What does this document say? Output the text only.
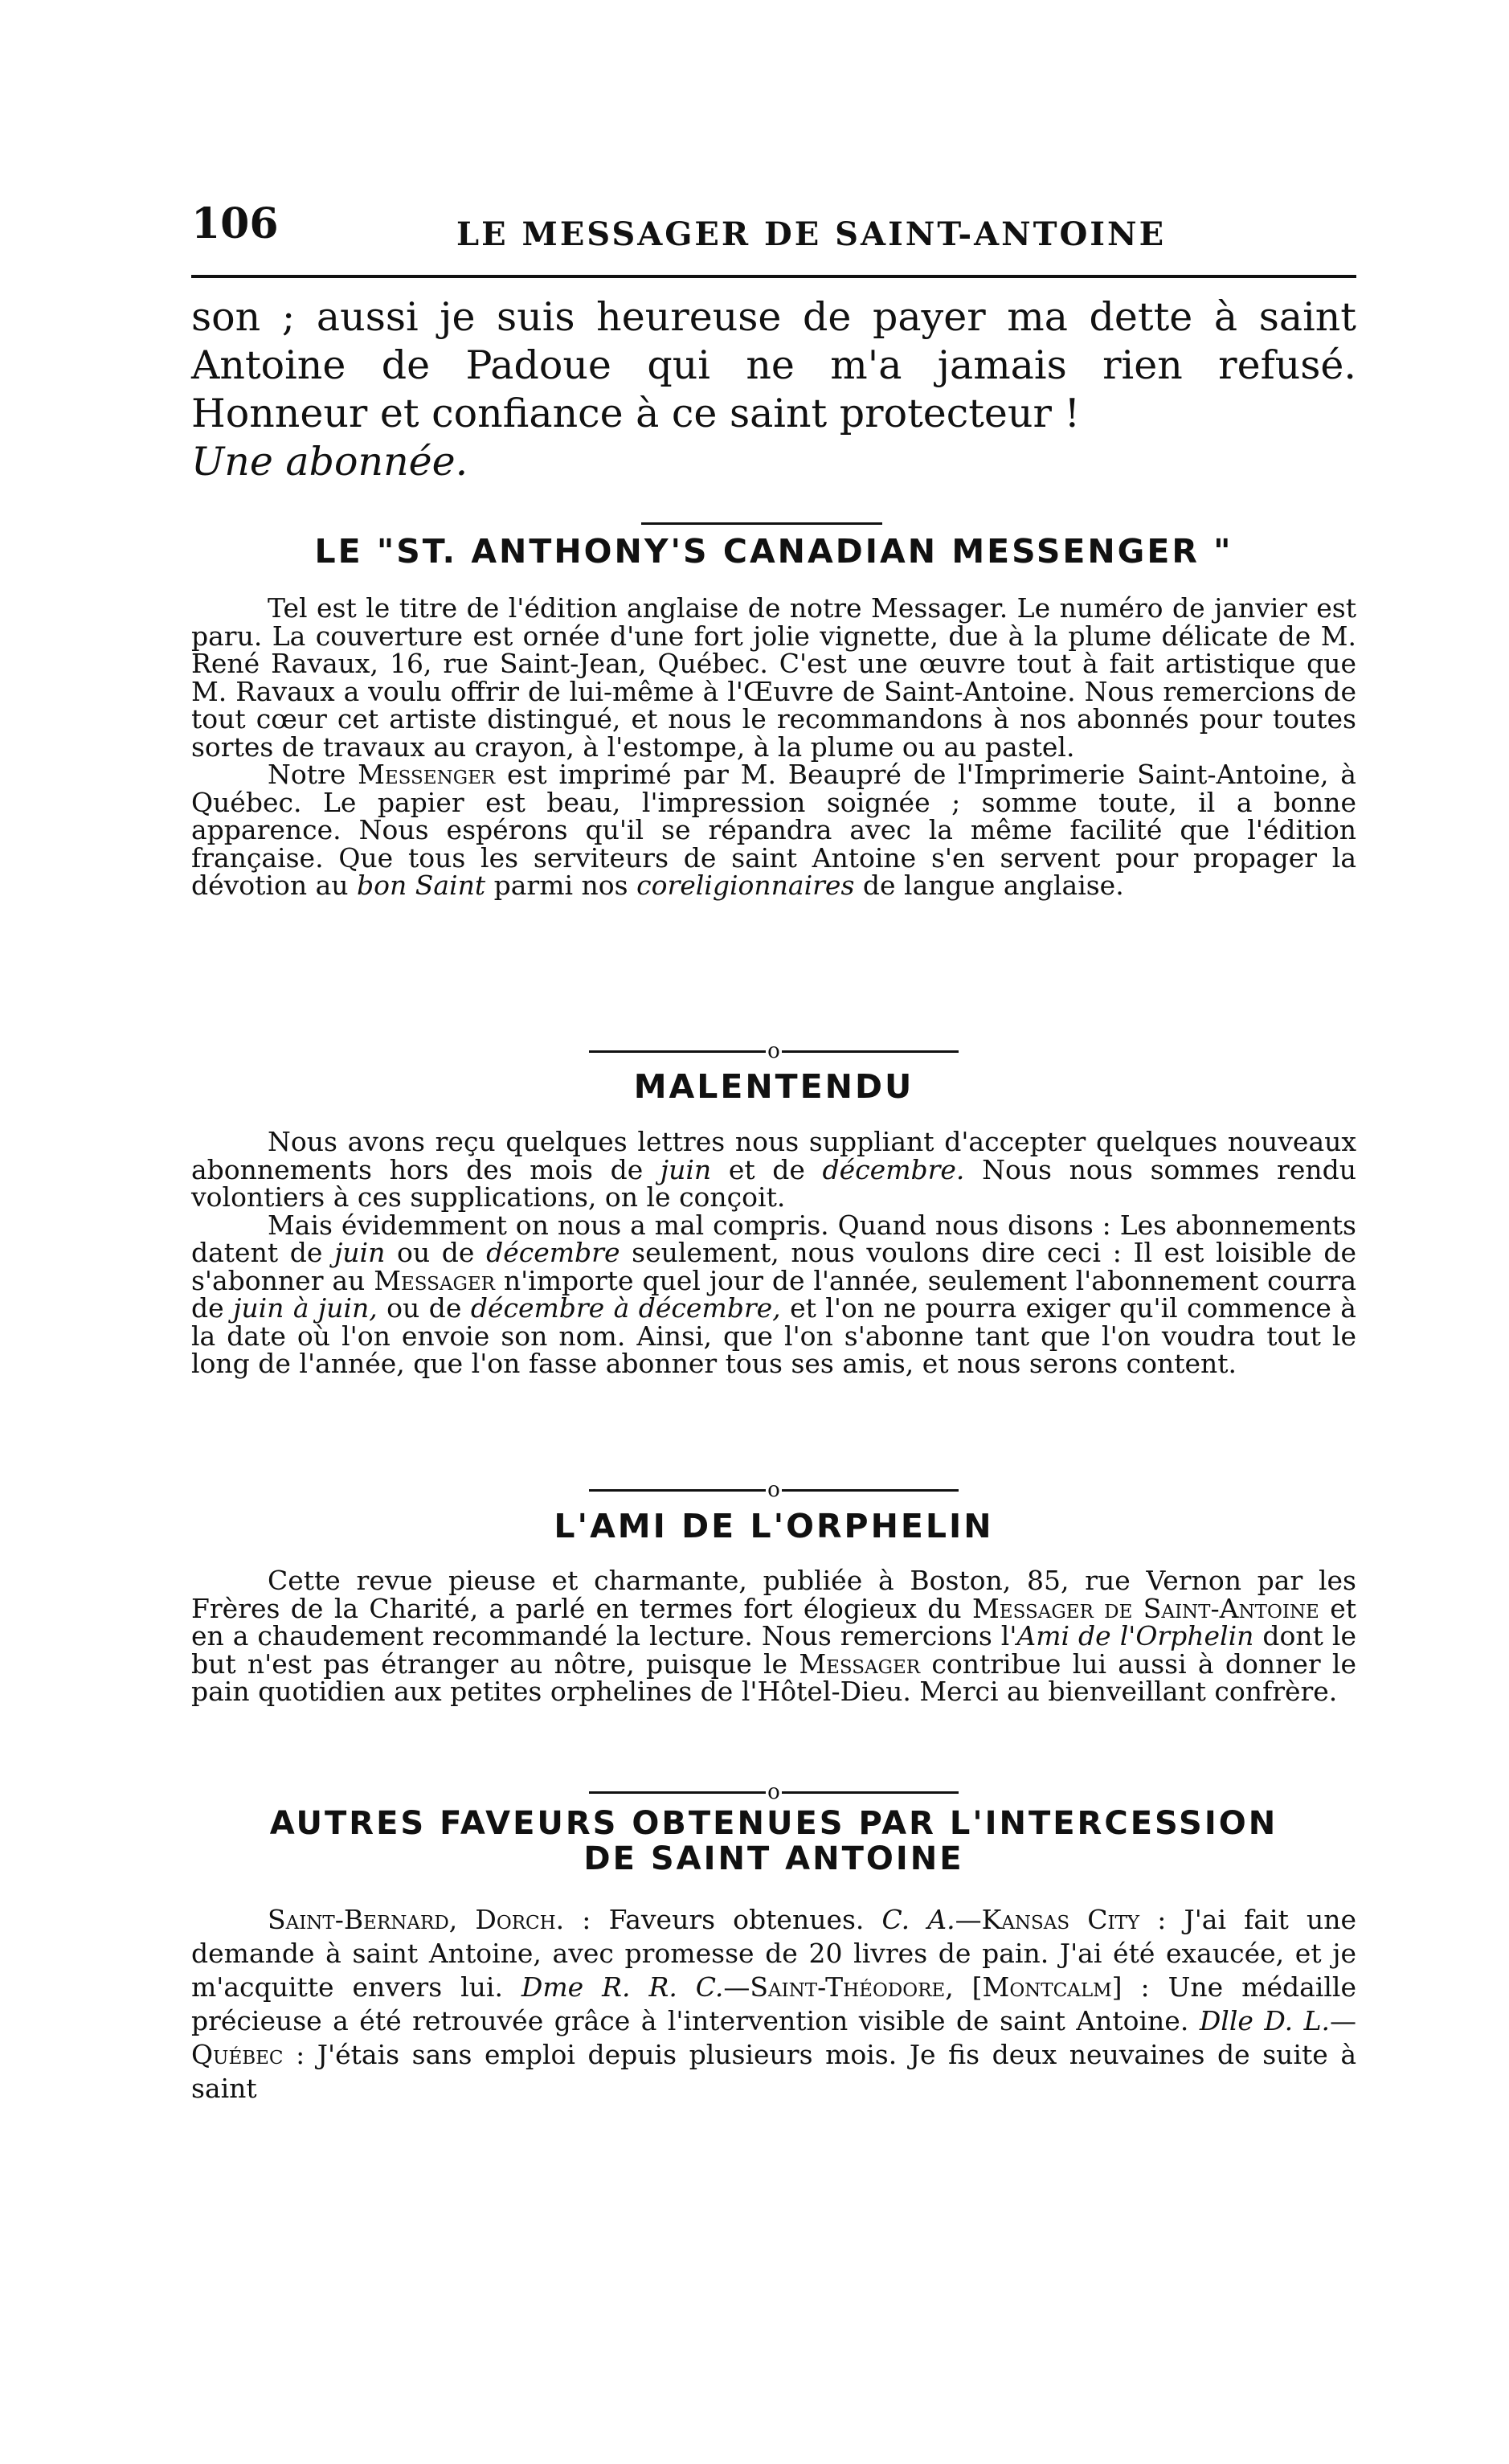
106	LE MESSAGER DE SAINT-ANTOINE
son ; aussi je suis heureuse de payer ma dette à saint Antoine de Padoue qui ne m'a jamais rien refusé. Honneur et confiance à ce saint protecteur !
Une abonnée.
LE "ST. ANTHONY'S CANADIAN MESSENGER "

Tel est le titre de l'édition anglaise de notre Messager. Le numéro de janvier est paru. La couverture est ornée d'une fort jolie vignette, due à la plume délicate de M. René Ravaux, 16, rue Saint-Jean, Québec. C'est une œuvre tout à fait artistique que M. Ravaux a voulu offrir de lui-même à l'Œuvre de Saint-Antoine. Nous remercions de tout cœur cet artiste distingué, et nous le recommandons à nos abonnés pour toutes sortes de travaux au crayon, à l'estompe, à la plume ou au pastel.

Notre Messenger est imprimé par M. Beaupré de l'Imprimerie Saint-Antoine, à Québec. Le papier est beau, l'impression soignée ; somme toute, il a bonne apparence. Nous espérons qu'il se répandra avec la même facilité que l'édition française. Que tous les serviteurs de saint Antoine s'en servent pour propager la dévotion au bon Saint parmi nos coreligionnaires de langue anglaise.

o
MALENTENDU

Nous avons reçu quelques lettres nous suppliant d'accepter quelques nouveaux abonnements hors des mois de juin et de décembre. Nous nous sommes rendu volontiers à ces supplications, on le conçoit.

Mais évidemment on nous a mal compris. Quand nous disons : Les abonnements datent de juin ou de décembre seulement, nous voulons dire ceci : Il est loisible de s'abonner au Messager n'importe quel jour de l'année, seulement l'abonnement courra de juin à juin, ou de décembre à décembre, et l'on ne pourra exiger qu'il commence à la date où l'on envoie son nom. Ainsi, que l'on s'abonne tant que l'on voudra tout le long de l'année, que l'on fasse abonner tous ses amis, et nous serons content.

o
L'AMI DE L'ORPHELIN

Cette revue pieuse et charmante, publiée à Boston, 85, rue Vernon par les Frères de la Charité, a parlé en termes fort élogieux du Messager de Saint-Antoine et en a chaudement recommandé la lecture. Nous remercions l'Ami de l'Orphelin dont le but n'est pas étranger au nôtre, puisque le Messager contribue lui aussi à donner le pain quotidien aux petites orphelines de l'Hôtel-Dieu. Merci au bienveillant confrère.

o
AUTRES FAVEURS OBTENUES PAR L'INTERCESSION
DE SAINT ANTOINE

Saint-Bernard, Dorch. : Faveurs obtenues. C. A.—Kansas City : J'ai fait une demande à saint Antoine, avec promesse de 20 livres de pain. J'ai été exaucée, et je m'acquitte envers lui. Dme R. R. C.—Saint-Théodore, [Montcalm] : Une médaille précieuse a été retrouvée grâce à l'intervention visible de saint Antoine. Dlle D. L.—Québec : J'étais sans emploi depuis plusieurs mois. Je fis deux neuvaines de suite à saint
